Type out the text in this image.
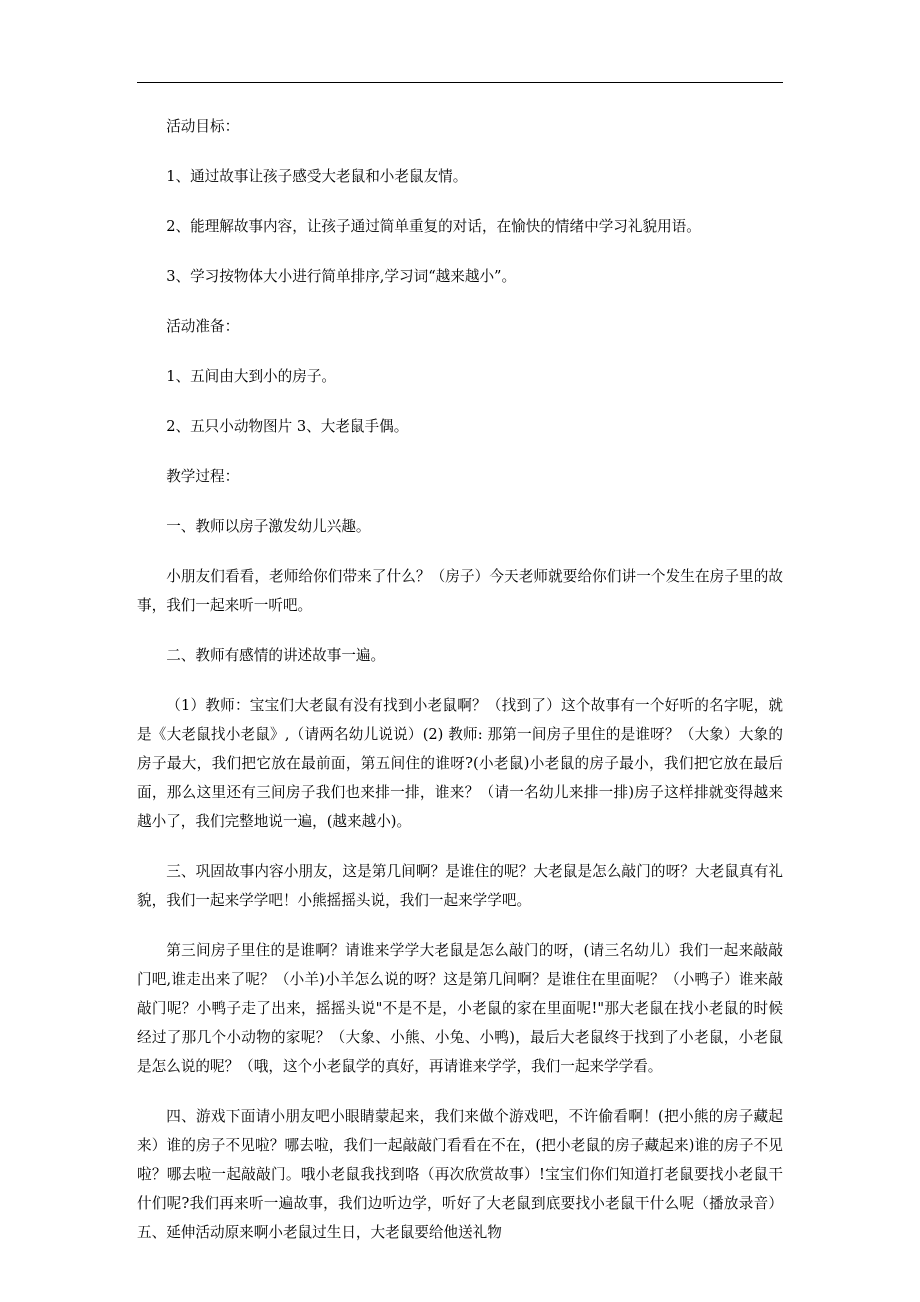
活动目标：

1、通过故事让孩子感受大老鼠和小老鼠友情。

2、能理解故事内容，让孩子通过简单重复的对话，在愉快的情绪中学习礼貌用语。

3、学习按物体大小进行简单排序,学习词“越来越小”。

活动准备：

1、五间由大到小的房子。

2、五只小动物图片 3、大老鼠手偶。

教学过程：

一、教师以房子激发幼儿兴趣。

小朋友们看看，老师给你们带来了什么？（房子）今天老师就要给你们讲一个发生在房子里的故事，我们一起来听一听吧。

二、教师有感情的讲述故事一遍。

（1）教师：宝宝们大老鼠有没有找到小老鼠啊？（找到了）这个故事有一个好听的名字呢，就是《大老鼠找小老鼠》,（请两名幼儿说说）(2) 教师: 那第一间房子里住的是谁呀？（大象）大象的房子最大，我们把它放在最前面，第五间住的谁呀?(小老鼠)小老鼠的房子最小，我们把它放在最后面，那么这里还有三间房子我们也来排一排，谁来？（请一名幼儿来排一排)房子这样排就变得越来越小了，我们完整地说一遍，(越来越小)。

三、巩固故事内容小朋友，这是第几间啊？是谁住的呢？大老鼠是怎么敲门的呀？大老鼠真有礼貌，我们一起来学学吧！小熊摇摇头说，我们一起来学学吧。

第三间房子里住的是谁啊？请谁来学学大老鼠是怎么敲门的呀，(请三名幼儿）我们一起来敲敲门吧,谁走出来了呢？（小羊)小羊怎么说的呀？这是第几间啊？是谁住在里面呢？（小鸭子）谁来敲敲门呢？小鸭子走了出来，摇摇头说"不是不是，小老鼠的家在里面呢!"那大老鼠在找小老鼠的时候经过了那几个小动物的家呢？（大象、小熊、小兔、小鸭)，最后大老鼠终于找到了小老鼠，小老鼠是怎么说的呢？（哦，这个小老鼠学的真好，再请谁来学学，我们一起来学学看。

四、游戏下面请小朋友吧小眼睛蒙起来，我们来做个游戏吧，不许偷看啊！(把小熊的房子藏起来）谁的房子不见啦？哪去啦，我们一起敲敲门看看在不在，(把小老鼠的房子藏起来)谁的房子不见啦？哪去啦一起敲敲门。哦小老鼠我找到咯（再次欣赏故事）!宝宝们你们知道打老鼠要找小老鼠干什们呢?我们再来听一遍故事，我们边听边学，听好了大老鼠到底要找小老鼠干什么呢（播放录音）五、延伸活动原来啊小老鼠过生日，大老鼠要给他送礼物
